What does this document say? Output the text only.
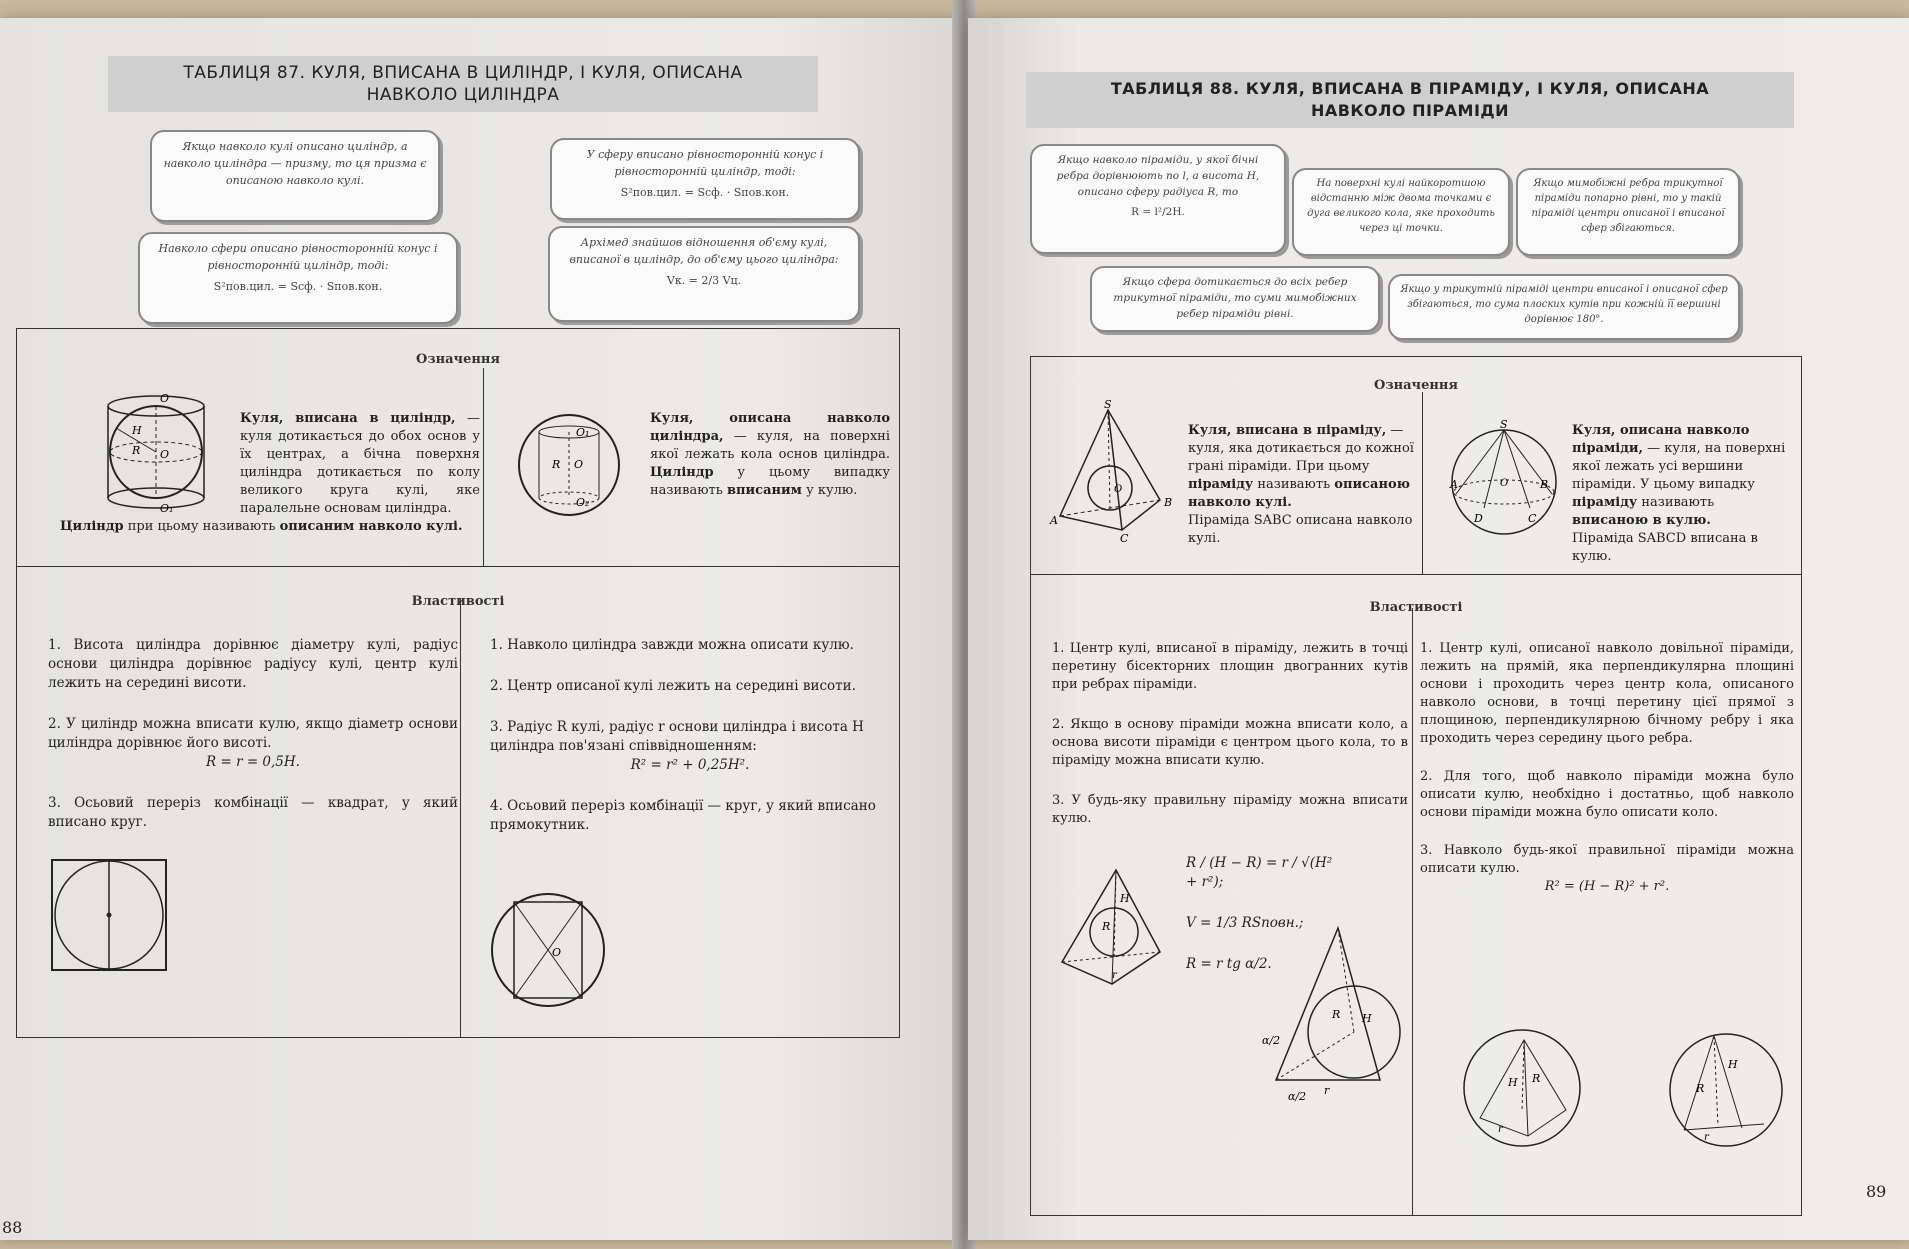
ТАБЛИЦЯ 87. КУЛЯ, ВПИСАНА В ЦИЛІНДР, І КУЛЯ, ОПИСАНА
НАВКОЛО ЦИЛІНДРА
Якщо навколо кулі описано циліндр, а навколо циліндра — призму, то ця призма є описаною навколо кулі.
У сферу вписано рівносторонній конус і рівносторонній циліндр, тоді:
S²пов.цил. = Sсф. · Sпов.кон.
Навколо сфери описано рівносторонній конус і рівносторонній циліндр, тоді:
S²пов.цил. = Sсф. · Sпов.кон.
Архімед знайшов відношення об'єму кулі, вписаної в циліндр, до об'єму цього циліндра:
Vк. = 2/3 Vц.
Означення
O
O
H
R
O₁
Куля, вписана в циліндр, — куля дотикається до обох основ у їх центрах, а бічна поверхня циліндра дотикається по колу великого круга кулі, яке паралельне основам циліндра.
Циліндр при цьому називають описаним навколо кулі.
O₁
R O
O₂
Куля, описана навколо циліндра, — куля, на поверхні якої лежать кола основ циліндра. Циліндр у цьому випадку називають вписаним у кулю.
Властивості
1. Висота циліндра дорівнює діаметру кулі, радіус основи циліндра дорівнює радіусу кулі, центр кулі лежить на середині висоти.
2. У циліндр можна вписати кулю, якщо діаметр основи циліндра дорівнює його висоті.
R = r = 0,5H.
3. Осьовий переріз комбінації — квадрат, у який вписано круг.
1. Навколо циліндра завжди можна описати кулю.
2. Центр описаної кулі лежить на середині висоти.
3. Радіус R кулі, радіус r основи циліндра і висота H циліндра пов'язані співвідношенням:
R² = r² + 0,25H².
4. Осьовий переріз комбінації — круг, у який вписано прямокутник.
O
88
ТАБЛИЦЯ 88. КУЛЯ, ВПИСАНА В ПІРАМІДУ, І КУЛЯ, ОПИСАНА
НАВКОЛО ПІРАМІДИ
Якщо навколо піраміди, у якої бічні ребра дорівнюють по l, а висота H, описано сферу радіуса R, то
R = l²/2H.
На поверхні кулі найкоротшою відстанню між двома точками є дуга великого кола, яке проходить через ці точки.
Якщо мимобіжні ребра трикутної піраміди попарно рівні, то у такій піраміді центри описаної і вписаної сфер збігаються.
Якщо сфера дотикається до всіх ребер трикутної піраміди, то суми мимобіжних ребер піраміди рівні.
Якщо у трикутній піраміді центри вписаної і описаної сфер збігаються, то сума плоских кутів при кожній її вершині дорівнює 180°.
Означення
S
A
B
C
O
Куля, вписана в піраміду, — куля, яка дотикається до кожної грані піраміди. При цьому піраміду називають описаною навколо кулі.
Піраміда SABC описана навколо кулі.
S
A	O	B
D	C
Куля, описана навколо піраміди, — куля, на поверхні якої лежать усі вершини піраміди. У цьому випадку піраміду називають вписаною в кулю.
Піраміда SABCD вписана в кулю.
Властивості
1. Центр кулі, вписаної в піраміду, лежить в точці перетину бісекторних площин двогранних кутів при ребрах піраміди.
2. Якщо в основу піраміди можна вписати коло, а основа висоти піраміди є центром цього кола, то в піраміду можна вписати кулю.
3. У будь-яку правильну піраміду можна вписати кулю.
H
R
r
R / (H − R) = r / √(H² + r²);
V = 1/3 RSповн.;
R = r tg α/2.
R H
α/2
α/2 r
1. Центр кулі, описаної навколо довільної піраміди, лежить на прямій, яка перпендикулярна площині основи і проходить через центр кола, описаного навколо основи, в точці перетину цієї прямої з площиною, перпендикулярною бічному ребру і яка проходить через середину цього ребра.
2. Для того, щоб навколо піраміди можна було описати кулю, необхідно і достатньо, щоб навколо основи піраміди можна було описати коло.
3. Навколо будь-якої правильної піраміди можна описати кулю.
R² = (H − R)² + r².
H R
r
H
R
r
89
